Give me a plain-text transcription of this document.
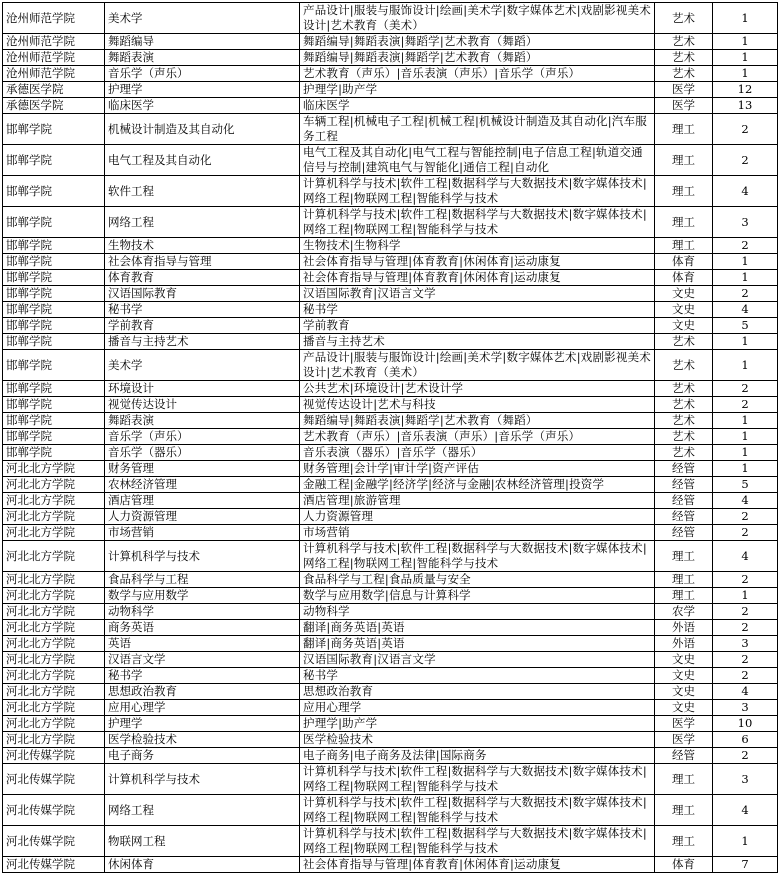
沧州师范学院	美术学	产品设计|服装与服饰设计|绘画|美术学|数字媒体艺术|戏剧影视美术设计|艺术教育（美术）	艺术	1
沧州师范学院	舞蹈编导	舞蹈编导|舞蹈表演|舞蹈学|艺术教育（舞蹈）	艺术	1
沧州师范学院	舞蹈表演	舞蹈编导|舞蹈表演|舞蹈学|艺术教育（舞蹈）	艺术	1
沧州师范学院	音乐学（声乐）	艺术教育（声乐）|音乐表演（声乐）|音乐学（声乐）	艺术	1
承德医学院	护理学	护理学|助产学	医学	12
承德医学院	临床医学	临床医学	医学	13
邯郸学院	机械设计制造及其自动化	车辆工程|机械电子工程|机械工程|机械设计制造及其自动化|汽车服务工程	理工	2
邯郸学院	电气工程及其自动化	电气工程及其自动化|电气工程与智能控制|电子信息工程|轨道交通信号与控制|建筑电气与智能化|通信工程|自动化	理工	2
邯郸学院	软件工程	计算机科学与技术|软件工程|数据科学与大数据技术|数字媒体技术|网络工程|物联网工程|智能科学与技术	理工	4
邯郸学院	网络工程	计算机科学与技术|软件工程|数据科学与大数据技术|数字媒体技术|网络工程|物联网工程|智能科学与技术	理工	3
邯郸学院	生物技术	生物技术|生物科学	理工	2
邯郸学院	社会体育指导与管理	社会体育指导与管理|体育教育|休闲体育|运动康复	体育	1
邯郸学院	体育教育	社会体育指导与管理|体育教育|休闲体育|运动康复	体育	1
邯郸学院	汉语国际教育	汉语国际教育|汉语言文学	文史	2
邯郸学院	秘书学	秘书学	文史	4
邯郸学院	学前教育	学前教育	文史	5
邯郸学院	播音与主持艺术	播音与主持艺术	艺术	1
邯郸学院	美术学	产品设计|服装与服饰设计|绘画|美术学|数字媒体艺术|戏剧影视美术设计|艺术教育（美术）	艺术	1
邯郸学院	环境设计	公共艺术|环境设计|艺术设计学	艺术	2
邯郸学院	视觉传达设计	视觉传达设计|艺术与科技	艺术	2
邯郸学院	舞蹈表演	舞蹈编导|舞蹈表演|舞蹈学|艺术教育（舞蹈）	艺术	1
邯郸学院	音乐学（声乐）	艺术教育（声乐）|音乐表演（声乐）|音乐学（声乐）	艺术	1
邯郸学院	音乐学（器乐）	音乐表演（器乐）|音乐学（器乐）	艺术	1
河北北方学院	财务管理	财务管理|会计学|审计学|资产评估	经管	1
河北北方学院	农林经济管理	金融工程|金融学|经济学|经济与金融|农林经济管理|投资学	经管	5
河北北方学院	酒店管理	酒店管理|旅游管理	经管	4
河北北方学院	人力资源管理	人力资源管理	经管	2
河北北方学院	市场营销	市场营销	经管	2
河北北方学院	计算机科学与技术	计算机科学与技术|软件工程|数据科学与大数据技术|数字媒体技术|网络工程|物联网工程|智能科学与技术	理工	4
河北北方学院	食品科学与工程	食品科学与工程|食品质量与安全	理工	2
河北北方学院	数学与应用数学	数学与应用数学|信息与计算科学	理工	1
河北北方学院	动物科学	动物科学	农学	2
河北北方学院	商务英语	翻译|商务英语|英语	外语	2
河北北方学院	英语	翻译|商务英语|英语	外语	3
河北北方学院	汉语言文学	汉语国际教育|汉语言文学	文史	2
河北北方学院	秘书学	秘书学	文史	2
河北北方学院	思想政治教育	思想政治教育	文史	4
河北北方学院	应用心理学	应用心理学	文史	3
河北北方学院	护理学	护理学|助产学	医学	10
河北北方学院	医学检验技术	医学检验技术	医学	6
河北传媒学院	电子商务	电子商务|电子商务及法律|国际商务	经管	2
河北传媒学院	计算机科学与技术	计算机科学与技术|软件工程|数据科学与大数据技术|数字媒体技术|网络工程|物联网工程|智能科学与技术	理工	3
河北传媒学院	网络工程	计算机科学与技术|软件工程|数据科学与大数据技术|数字媒体技术|网络工程|物联网工程|智能科学与技术	理工	4
河北传媒学院	物联网工程	计算机科学与技术|软件工程|数据科学与大数据技术|数字媒体技术|网络工程|物联网工程|智能科学与技术	理工	1
河北传媒学院	休闲体育	社会体育指导与管理|体育教育|休闲体育|运动康复	体育	7
